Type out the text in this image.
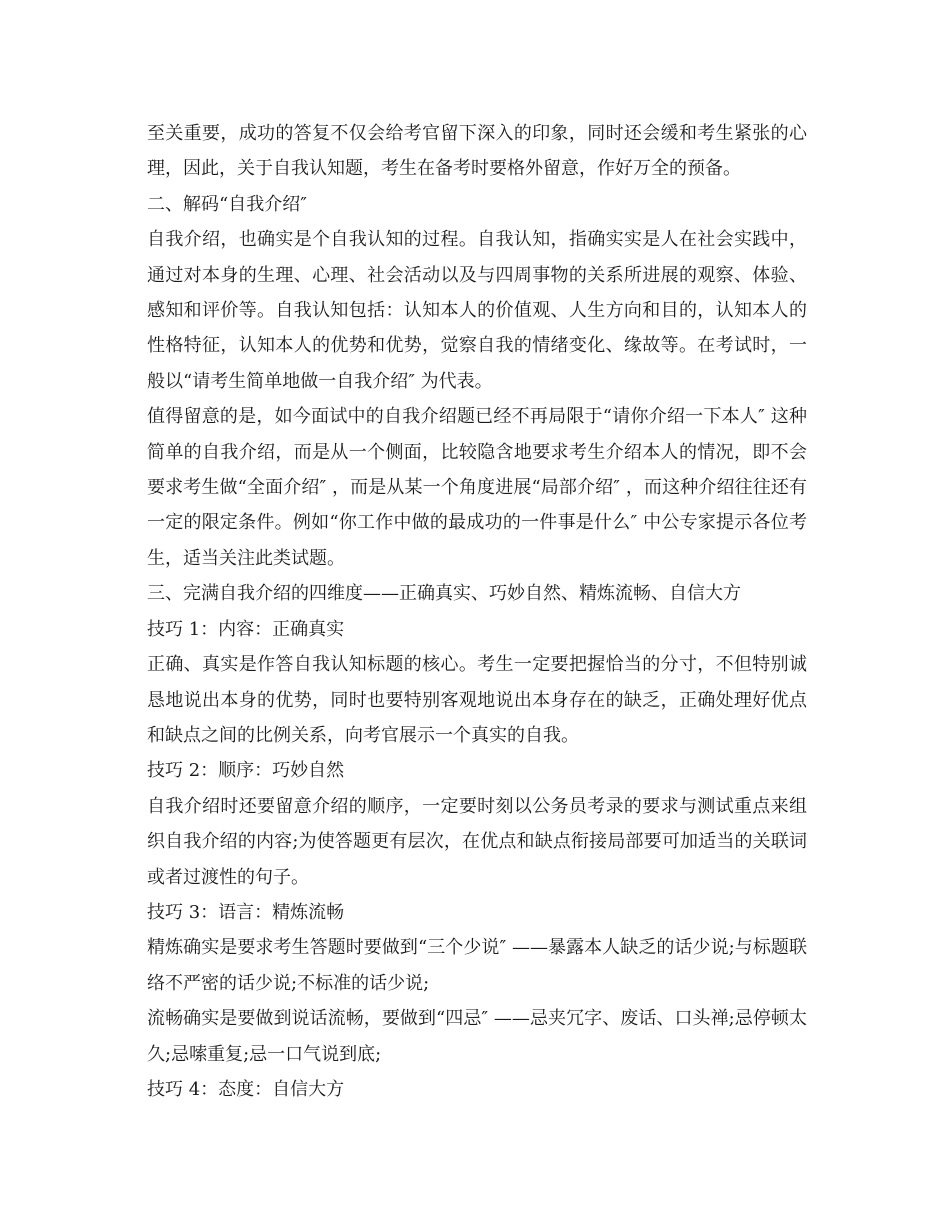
至关重要，成功的答复不仅会给考官留下深入的印象，同时还会缓和考生紧张的心理，因此，关于自我认知题，考生在备考时要格外留意，作好万全的预备。

二、解码“自我介绍″

自我介绍，也确实是个自我认知的过程。自我认知，指确实实是人在社会实践中，通过对本身的生理、心理、社会活动以及与四周事物的关系所进展的观察、体验、感知和评价等。自我认知包括：认知本人的价值观、人生方向和目的，认知本人的性格特征，认知本人的优势和优势，觉察自我的情绪变化、缘故等。在考试时，一般以“请考生简单地做一自我介绍″ 为代表。

值得留意的是，如今面试中的自我介绍题已经不再局限于“请你介绍一下本人″ 这种简单的自我介绍，而是从一个侧面，比较隐含地要求考生介绍本人的情况，即不会要求考生做“全面介绍″ ，而是从某一个角度进展“局部介绍″ ，而这种介绍往往还有一定的限定条件。例如“你工作中做的最成功的一件事是什么″ 中公专家提示各位考生，适当关注此类试题。

三、完满自我介绍的四维度——正确真实、巧妙自然、精炼流畅、自信大方

技巧 1：内容：正确真实

正确、真实是作答自我认知标题的核心。考生一定要把握恰当的分寸，不但特别诚恳地说出本身的优势，同时也要特别客观地说出本身存在的缺乏，正确处理好优点和缺点之间的比例关系，向考官展示一个真实的自我。

技巧 2：顺序：巧妙自然

自我介绍时还要留意介绍的顺序，一定要时刻以公务员考录的要求与测试重点来组织自我介绍的内容;为使答题更有层次，在优点和缺点衔接局部要可加适当的关联词或者过渡性的句子。

技巧 3：语言：精炼流畅

精炼确实是要求考生答题时要做到“三个少说″ ——暴露本人缺乏的话少说;与标题联络不严密的话少说;不标准的话少说;

流畅确实是要做到说话流畅，要做到“四忌″ ——忌夹冗字、废话、口头禅;忌停顿太久;忌嗦重复;忌一口气说到底;

技巧 4：态度：自信大方
